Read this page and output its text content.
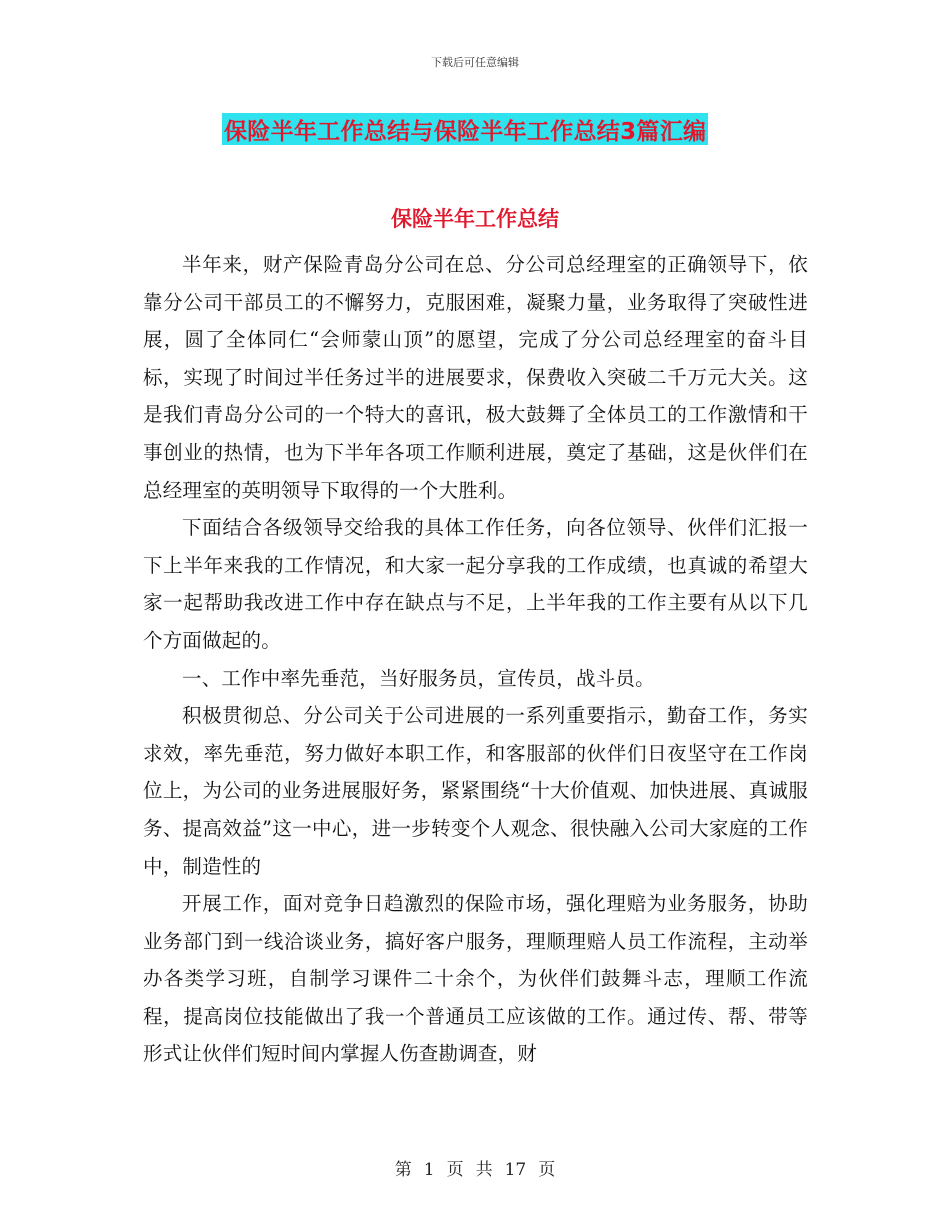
下载后可任意编辑
保险半年工作总结与保险半年工作总结3篇汇编
保险半年工作总结

半年来，财产保险青岛分公司在总、分公司总经理室的正确领导下，依靠分公司干部员工的不懈努力，克服困难，凝聚力量，业务取得了突破性进展，圆了全体同仁“会师蒙山顶”的愿望，完成了分公司总经理室的奋斗目标，实现了时间过半任务过半的进展要求，保费收入突破二千万元大关。这是我们青岛分公司的一个特大的喜讯，极大鼓舞了全体员工的工作激情和干事创业的热情，也为下半年各项工作顺利进展，奠定了基础，这是伙伴们在总经理室的英明领导下取得的一个大胜利。

下面结合各级领导交给我的具体工作任务，向各位领导、伙伴们汇报一下上半年来我的工作情况，和大家一起分享我的工作成绩，也真诚的希望大家一起帮助我改进工作中存在缺点与不足，上半年我的工作主要有从以下几个方面做起的。

一、工作中率先垂范，当好服务员，宣传员，战斗员。

积极贯彻总、分公司关于公司进展的一系列重要指示，勤奋工作，务实求效，率先垂范，努力做好本职工作，和客服部的伙伴们日夜坚守在工作岗位上，为公司的业务进展服好务，紧紧围绕“十大价值观、加快进展、真诚服务、提高效益”这一中心，进一步转变个人观念、很快融入公司大家庭的工作中，制造性的

开展工作，面对竞争日趋激烈的保险市场，强化理赔为业务服务，协助业务部门到一线洽谈业务，搞好客户服务，理顺理赔人员工作流程，主动举办各类学习班，自制学习课件二十余个，为伙伴们鼓舞斗志，理顺工作流程，提高岗位技能做出了我一个普通员工应该做的工作。通过传、帮、带等形式让伙伴们短时间内掌握人伤查勘调查，财

第 1 页 共 17 页
